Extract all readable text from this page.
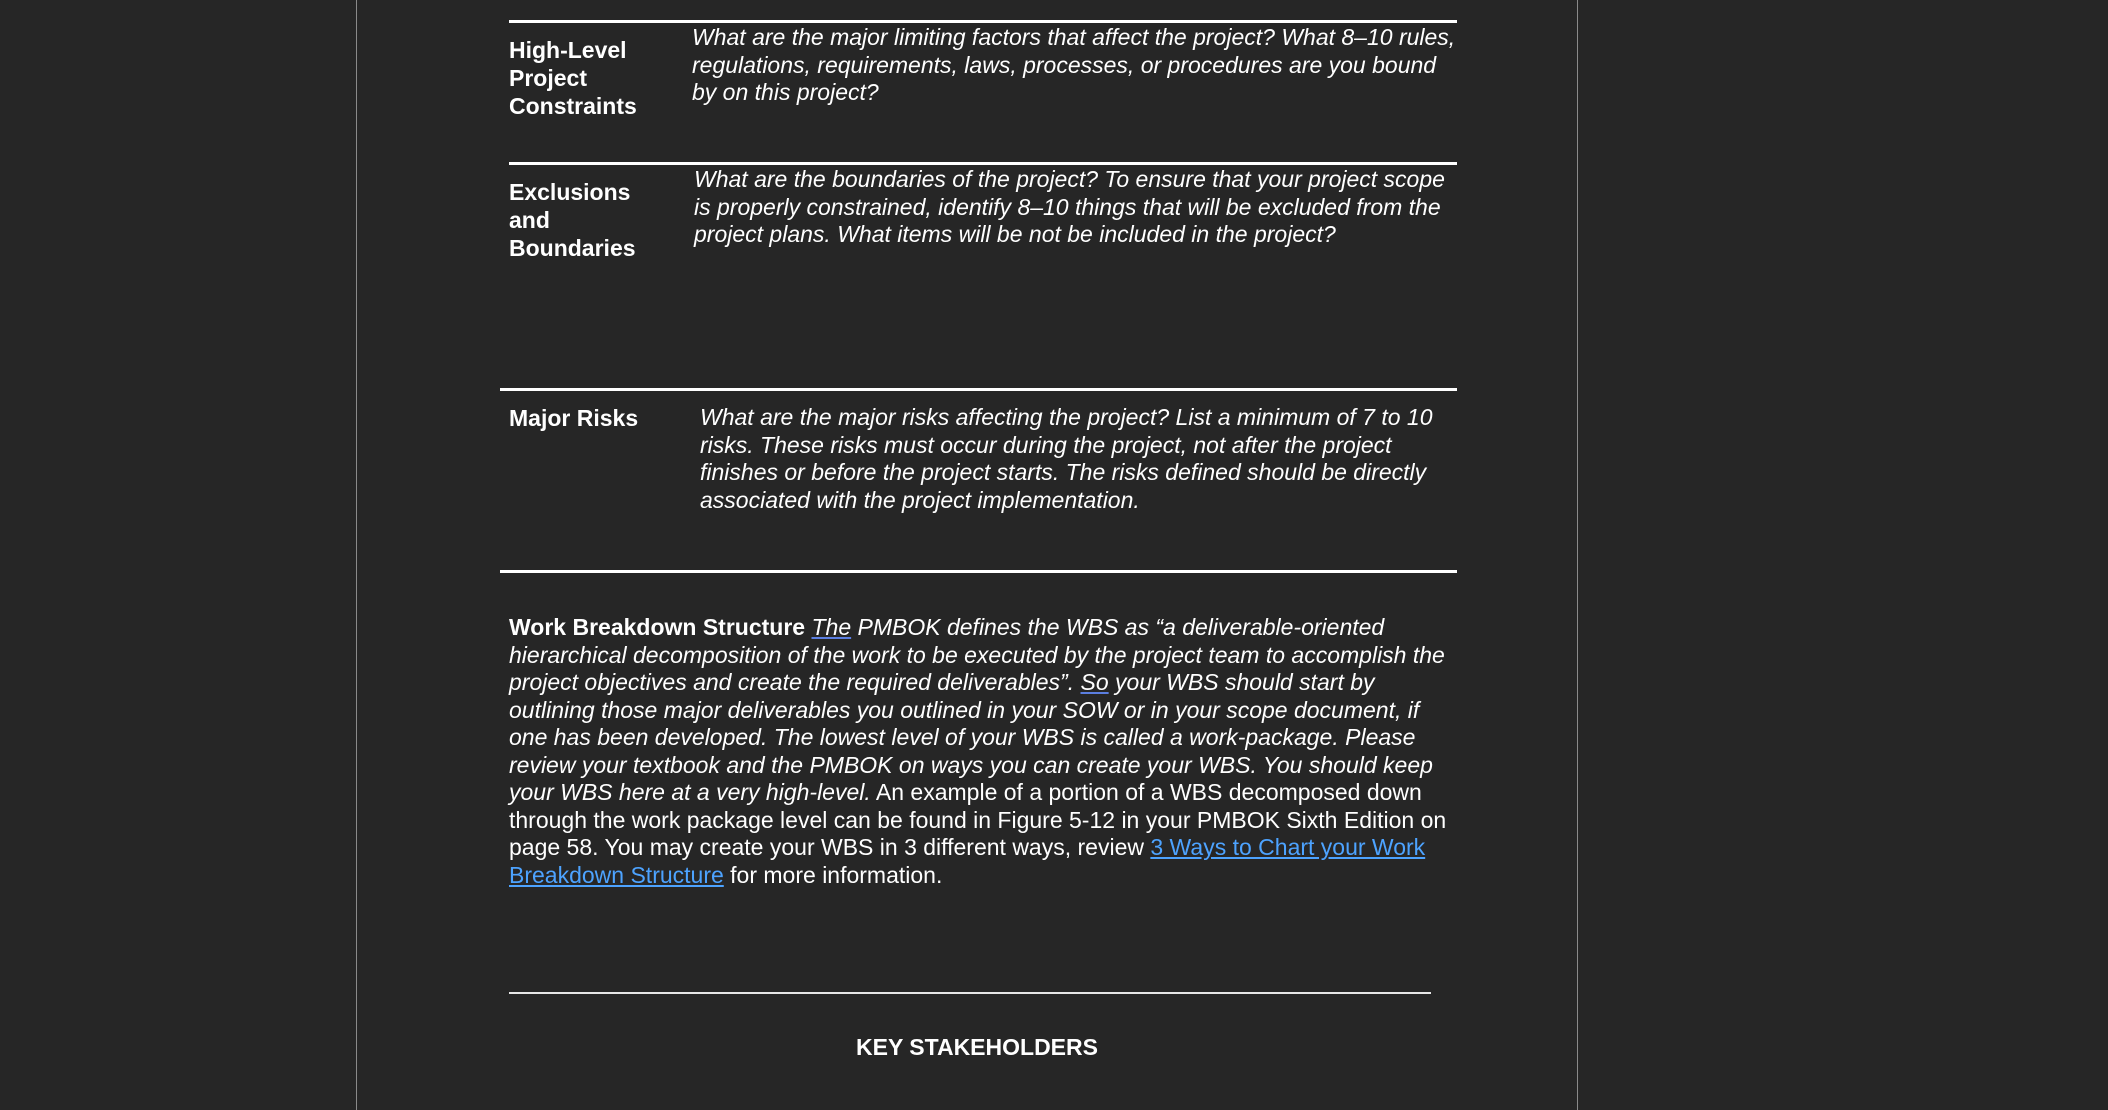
High-Level Project Constraints
What are the major limiting factors that affect the project? What 8–10 rules, regulations, requirements, laws, processes, or procedures are you bound by on this project?
Exclusions and Boundaries
What are the boundaries of the project? To ensure that your project scope is properly constrained, identify 8–10 things that will be excluded from the project plans. What items will be not be included in the project?
Major Risks	What are the major risks affecting the project? List a minimum of 7 to 10 risks. These risks must occur during the project, not after the project finishes or before the project starts. The risks defined should be directly associated with the project implementation.
Work Breakdown Structure The PMBOK defines the WBS as “a deliverable-oriented hierarchical decomposition of the work to be executed by the project team to accomplish the project objectives and create the required deliverables”. So your WBS should start by outlining those major deliverables you outlined in your SOW or in your scope document, if one has been developed. The lowest level of your WBS is called a work-package. Please review your textbook and the PMBOK on ways you can create your WBS. You should keep your WBS here at a very high-level. An example of a portion of a WBS decomposed down through the work package level can be found in Figure 5-12 in your PMBOK Sixth Edition on page 58. You may create your WBS in 3 different ways, review 3 Ways to Chart your Work Breakdown Structure for more information.
KEY STAKEHOLDERS
